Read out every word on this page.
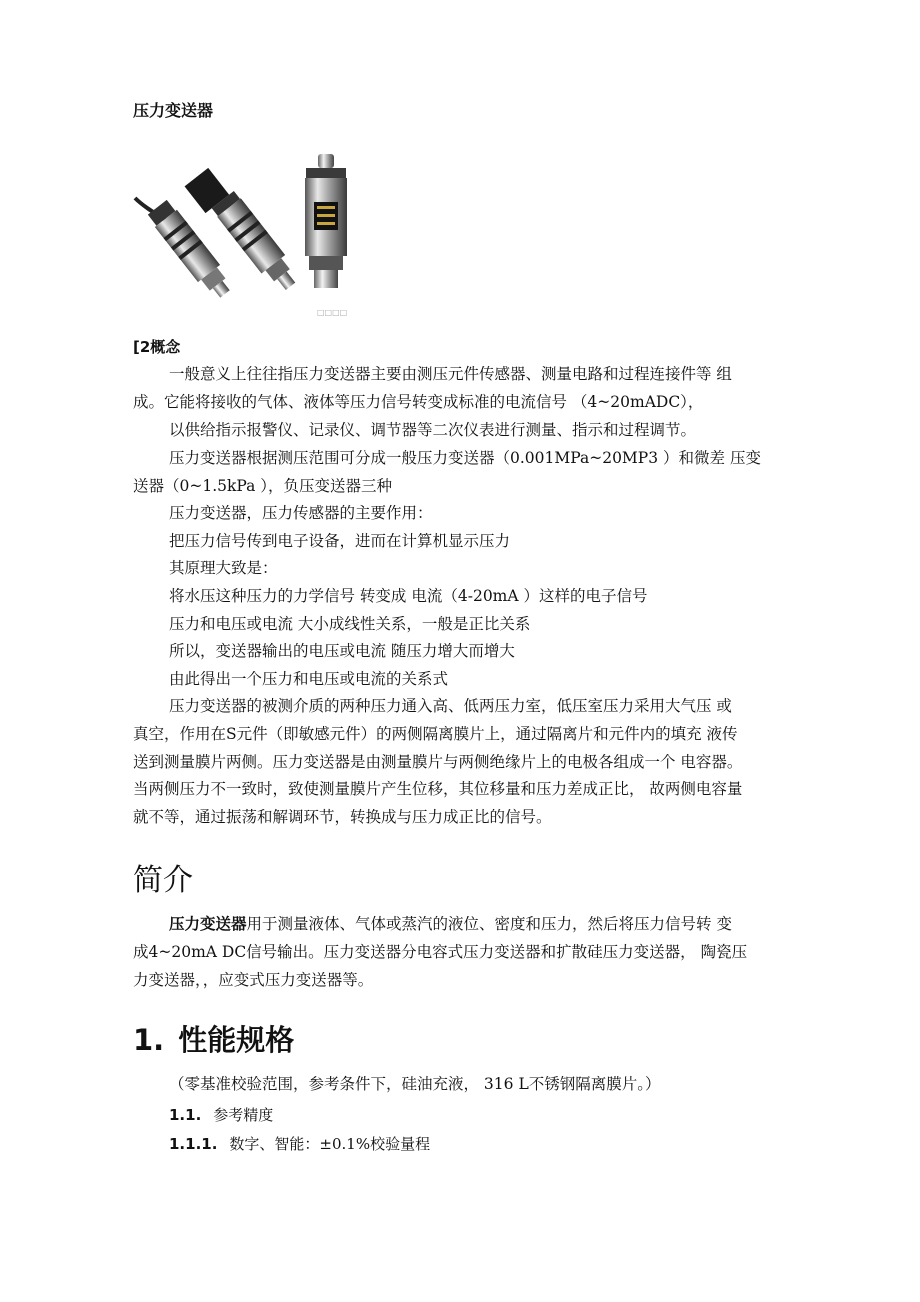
压力变送器
□□□□
[2概念
一般意义上往往指压力变送器主要由测压元件传感器、测量电路和过程连接件等 组
成。它能将接收的气体、液体等压力信号转变成标准的电流信号 （4~20mADC），
以供给指示报警仪、记录仪、调节器等二次仪表进行测量、指示和过程调节。
压力变送器根据测压范围可分成一般压力变送器（0.001MPa~20MP3 ）和微差 压变
送器（0~1.5kPa ），负压变送器三种
压力变送器，压力传感器的主要作用：
把压力信号传到电子设备，进而在计算机显示压力
其原理大致是：
将水压这种压力的力学信号 转变成 电流（4-20mA ）这样的电子信号
压力和电压或电流 大小成线性关系，一般是正比关系
所以，变送器输出的电压或电流 随压力增大而增大
由此得出一个压力和电压或电流的关系式
压力变送器的被测介质的两种压力通入高、低两压力室，低压室压力采用大气压 或
真空，作用在S元件（即敏感元件）的两侧隔离膜片上，通过隔离片和元件内的填充 液传
送到测量膜片两侧。压力变送器是由测量膜片与两侧绝缘片上的电极各组成一个 电容器。
当两侧压力不一致时，致使测量膜片产生位移，其位移量和压力差成正比， 故两侧电容量
就不等，通过振荡和解调环节，转换成与压力成正比的信号。
简介
压力变送器用于测量液体、气体或蒸汽的液位、密度和压力，然后将压力信号转 变
成4~20mA DC信号输出。压力变送器分电容式压力变送器和扩散硅压力变送器， 陶瓷压
力变送器，，应变式压力变送器等。
1. 性能规格
（零基准校验范围，参考条件下，硅油充液， 316 L不锈钢隔离膜片。）
1.1. 参考精度
1.1.1. 数字、智能：±0.1%校验量程
